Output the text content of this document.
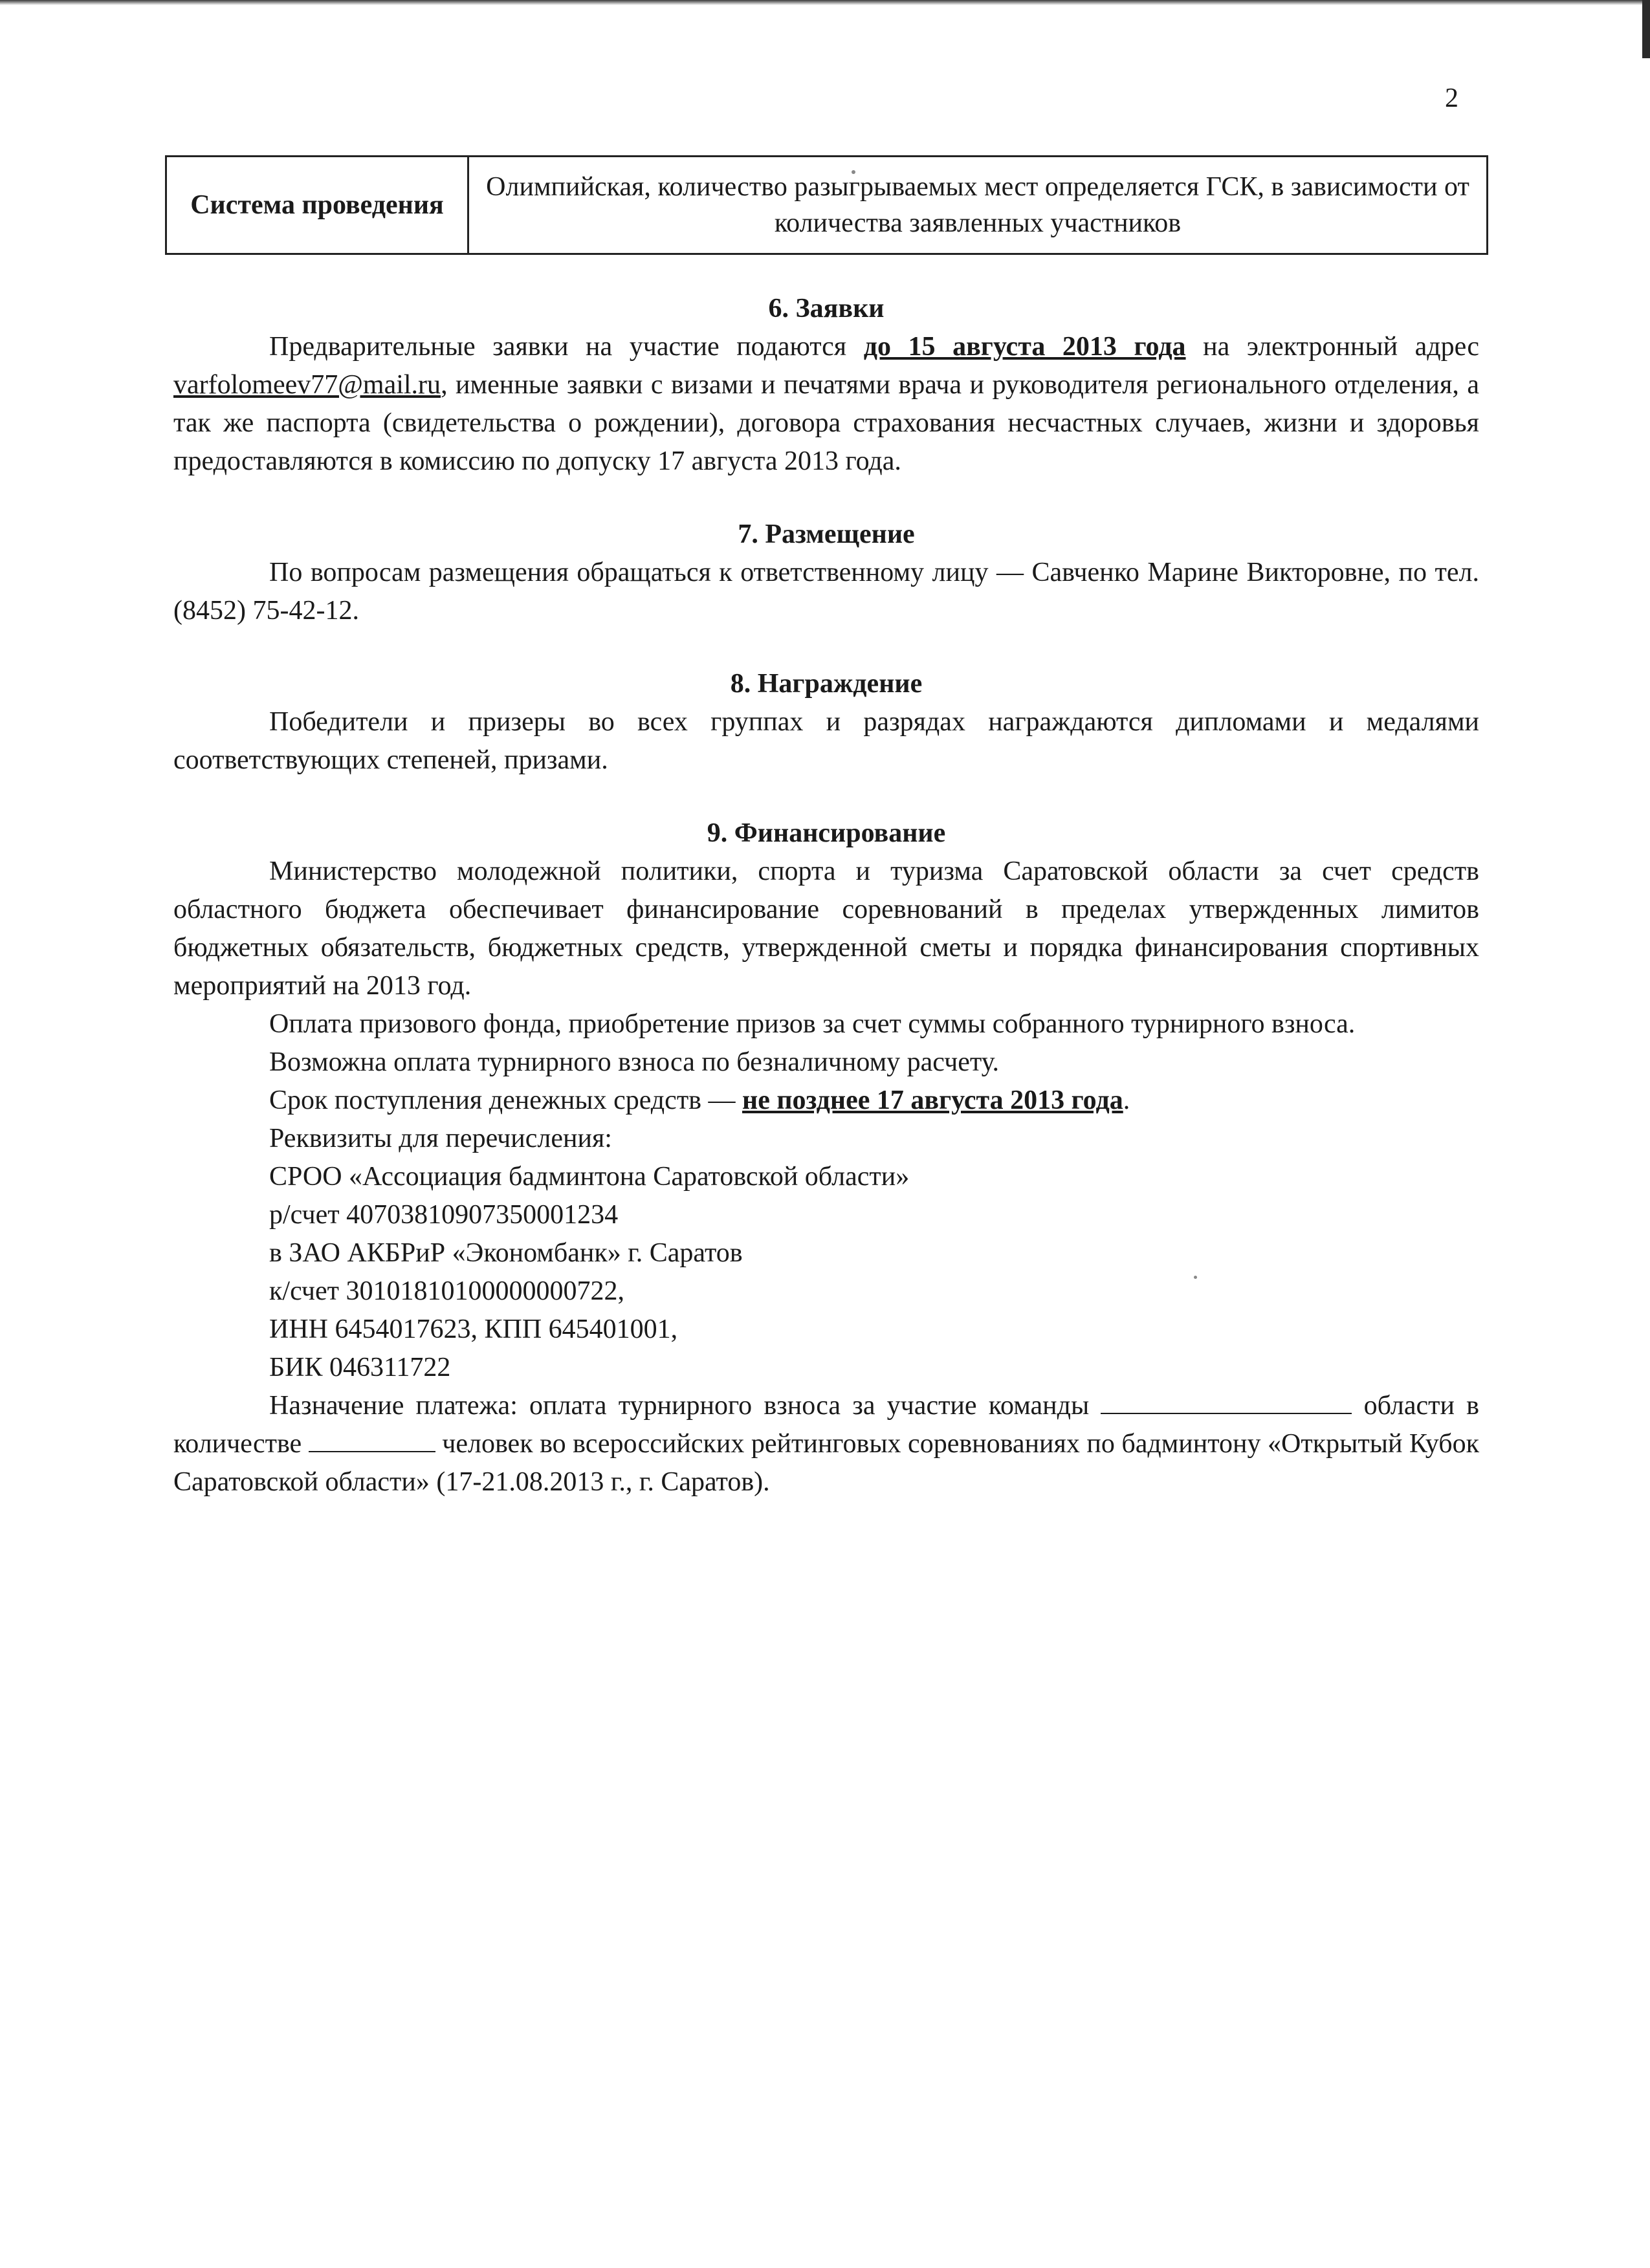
2
Система проведения	Олимпийская, количество разыгрываемых мест определяется ГСК, в зависимости от количества заявленных участников

6. Заявки

Предварительные заявки на участие подаются до 15 августа 2013 года на электронный адрес varfolomeev77@mail.ru, именные заявки с визами и печатями врача и руководителя регионального отделения, а так же паспорта (свидетельства о рождении), договора страхования несчастных случаев, жизни и здоровья предоставляются в комиссию по допуску 17 августа 2013 года.

7. Размещение

По вопросам размещения обращаться к ответственному лицу — Савченко Марине Викторовне, по тел. (8452) 75-42-12.

8. Награждение

Победители и призеры во всех группах и разрядах награждаются дипломами и медалями соответствующих степеней, призами.

9. Финансирование

Министерство молодежной политики, спорта и туризма Саратовской области за счет средств областного бюджета обеспечивает финансирование соревнований в пределах утвержденных лимитов бюджетных обязательств, бюджетных средств, утвержденной сметы и порядка финансирования спортивных мероприятий на 2013 год.

Оплата призового фонда, приобретение призов за счет суммы собранного турнирного взноса.

Возможна оплата турнирного взноса по безналичному расчету.

Срок поступления денежных средств — не позднее 17 августа 2013 года.

Реквизиты для перечисления:

СРОО «Ассоциация бадминтона Саратовской области»

р/счет 40703810907350001234

в ЗАО АКБРиР «Экономбанк» г. Саратов

к/счет 30101810100000000722,

ИНН 6454017623, КПП 645401001,

БИК 046311722

Назначение платежа: оплата турнирного взноса за участие команды	области в количестве	человек во всероссийских рейтинговых соревнованиях по бадминтону «Открытый Кубок Саратовской области» (17-21.08.2013 г., г. Саратов).
